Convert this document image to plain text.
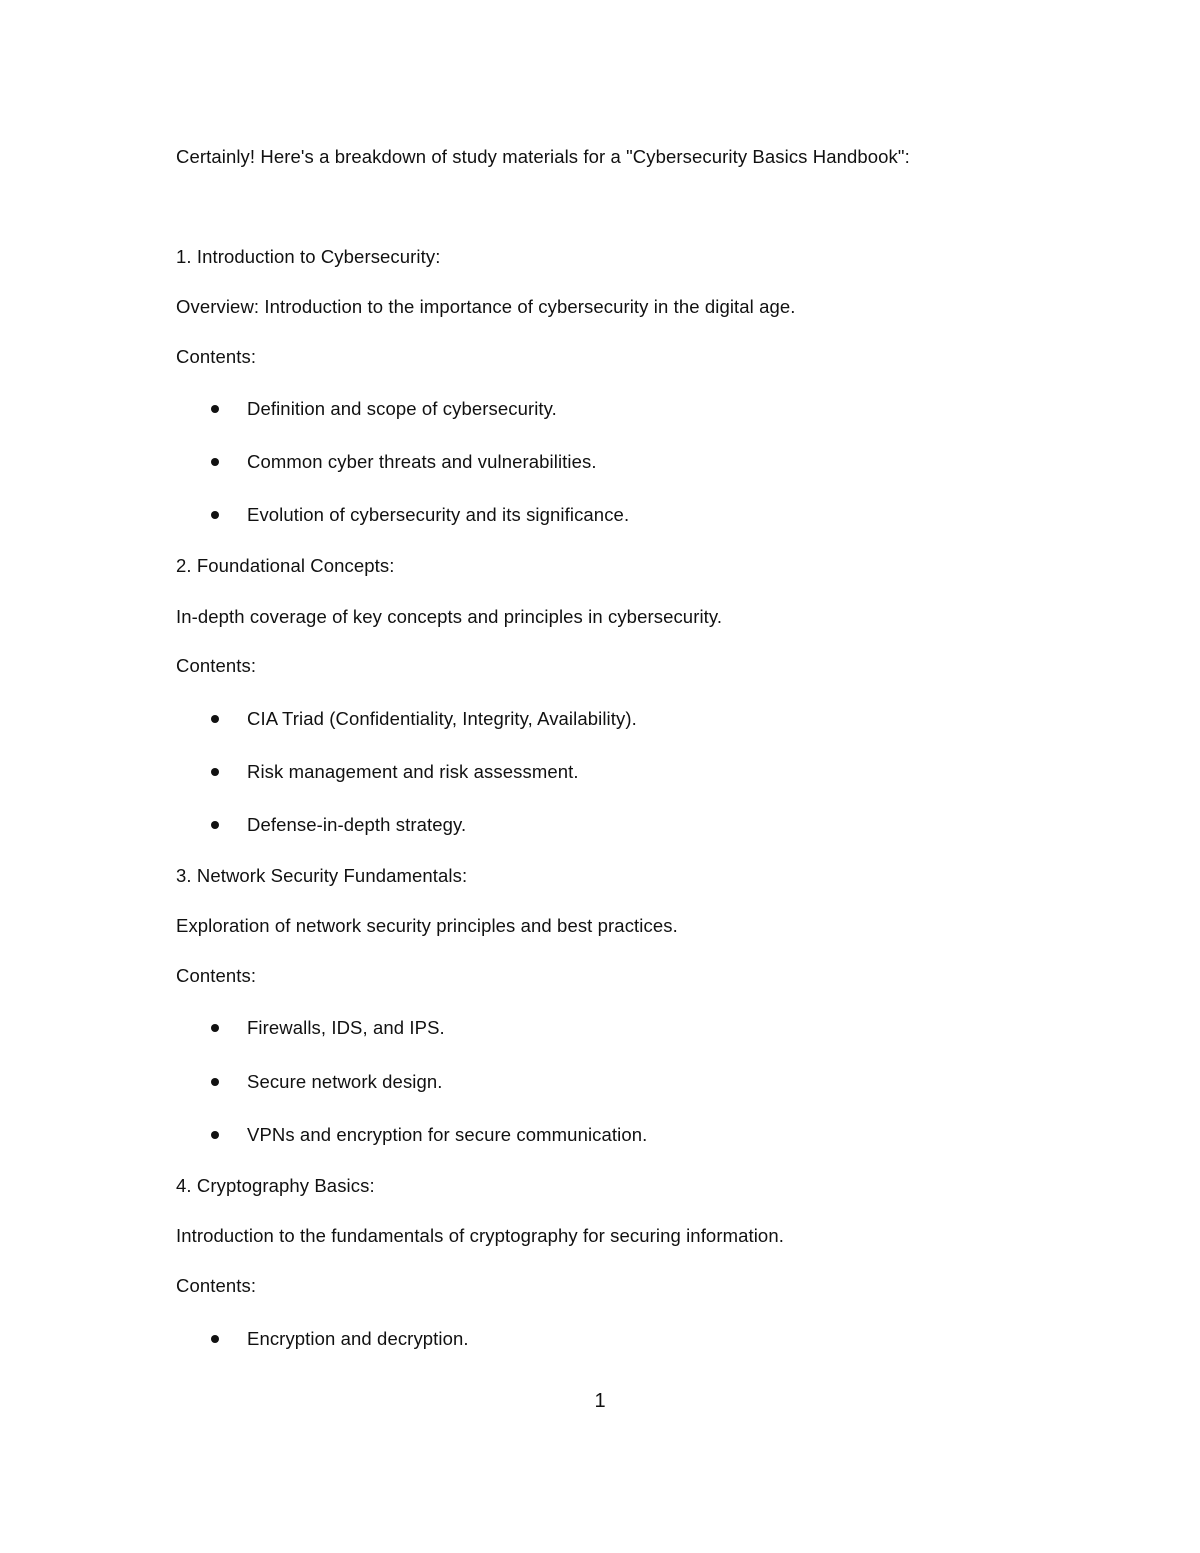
Certainly! Here's a breakdown of study materials for a "Cybersecurity Basics Handbook":
1. Introduction to Cybersecurity:
Overview: Introduction to the importance of cybersecurity in the digital age.
Contents:
Definition and scope of cybersecurity.
Common cyber threats and vulnerabilities.
Evolution of cybersecurity and its significance.
2. Foundational Concepts:
In-depth coverage of key concepts and principles in cybersecurity.
Contents:
CIA Triad (Confidentiality, Integrity, Availability).
Risk management and risk assessment.
Defense-in-depth strategy.
3. Network Security Fundamentals:
Exploration of network security principles and best practices.
Contents:
Firewalls, IDS, and IPS.
Secure network design.
VPNs and encryption for secure communication.
4. Cryptography Basics:
Introduction to the fundamentals of cryptography for securing information.
Contents:
Encryption and decryption.
1
